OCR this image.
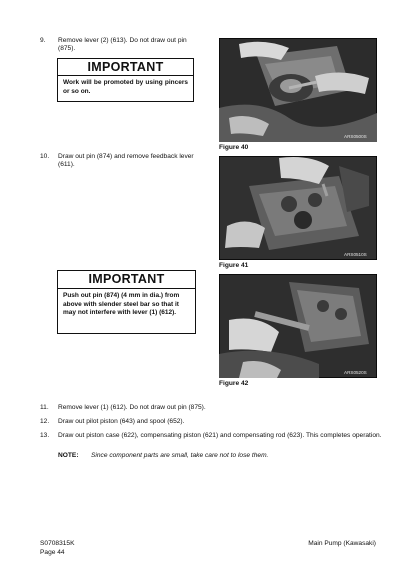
9. Remove lever (2) (613). Do not draw out pin (875).
IMPORTANT
Work will be promoted by using pincers or so on.
10. Draw out pin (874) and remove feedback lever (611).
IMPORTANT
Push out pin (874) (4 mm in dia.) from above with slender steel bar so that it may not interfere with lever (1) (612).
ARS0500S
Figure 40
ARS0510S
Figure 41
ARS0520S
Figure 42
11. Remove lever (1) (612). Do not draw out pin (875).
12. Draw out pilot piston (643) and spool (652).
13. Draw out piston case (622), compensating piston (621) and compensating rod (623). This completes operation.
NOTE: Since component parts are small, take care not to lose them.
S0708315K
Page 44
Main Pump (Kawasaki)
